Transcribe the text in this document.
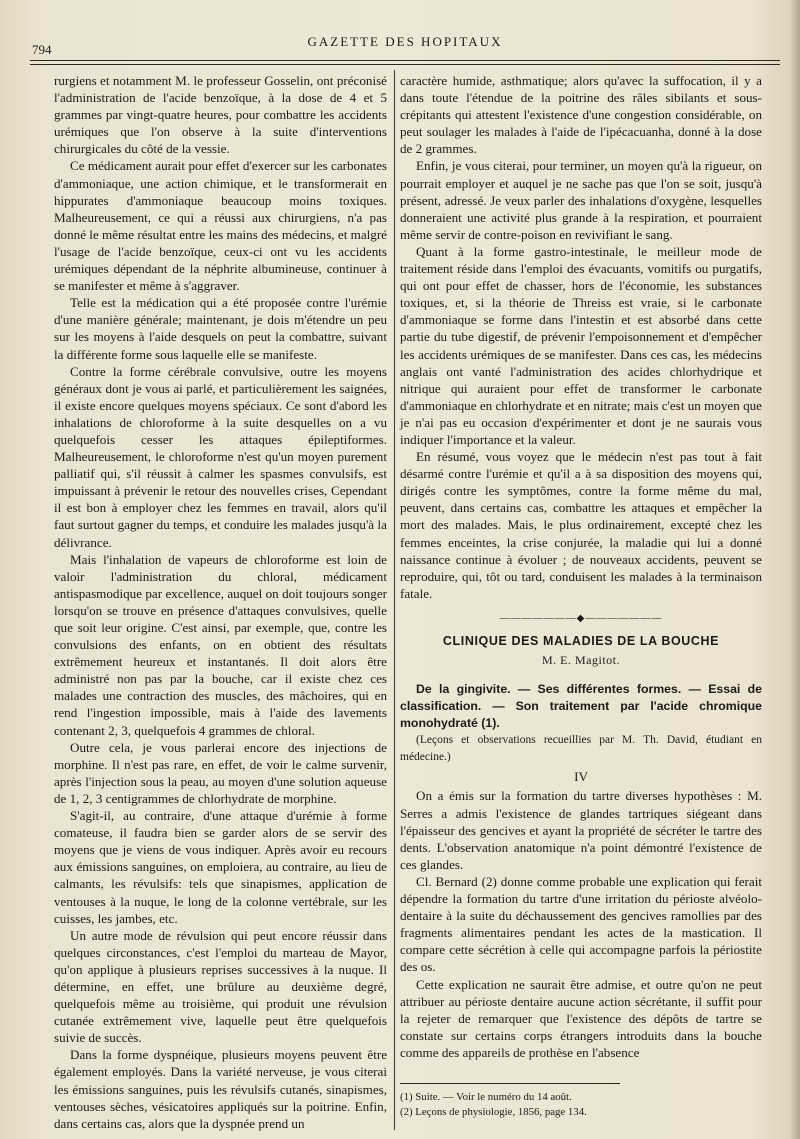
794
GAZETTE DES HOPITAUX

rurgiens et notamment M. le professeur Gosselin, ont préconisé l'administration de l'acide benzoïque, à la dose de 4 et 5 grammes par vingt-quatre heures, pour combattre les accidents urémiques que l'on observe à la suite d'interventions chirurgicales du côté de la vessie.

Ce médicament aurait pour effet d'exercer sur les carbonates d'ammoniaque, une action chimique, et le transformerait en hippurates d'ammoniaque beaucoup moins toxiques. Malheureusement, ce qui a réussi aux chirurgiens, n'a pas donné le même résultat entre les mains des médecins, et malgré l'usage de l'acide benzoïque, ceux-ci ont vu les accidents urémiques dépendant de la néphrite albumineuse, continuer à se manifester et même à s'aggraver.

Telle est la médication qui a été proposée contre l'urémie d'une manière générale; maintenant, je dois m'étendre un peu sur les moyens à l'aide desquels on peut la combattre, suivant la différente forme sous laquelle elle se manifeste.

Contre la forme cérébrale convulsive, outre les moyens généraux dont je vous ai parlé, et particulièrement les saignées, il existe encore quelques moyens spéciaux. Ce sont d'abord les inhalations de chloroforme à la suite desquelles on a vu quelquefois cesser les attaques épileptiformes. Malheureusement, le chloroforme n'est qu'un moyen purement palliatif qui, s'il réussit à calmer les spasmes convulsifs, est impuissant à prévenir le retour des nouvelles crises, Cependant il est bon à employer chez les femmes en travail, alors qu'il faut surtout gagner du temps, et conduire les malades jusqu'à la délivrance.

Mais l'inhalation de vapeurs de chloroforme est loin de valoir l'administration du chloral, médicament antispasmodique par excellence, auquel on doit toujours songer lorsqu'on se trouve en présence d'attaques convulsives, quelle que soit leur origine. C'est ainsi, par exemple, que, contre les convulsions des enfants, on en obtient des résultats extrêmement heureux et instantanés. Il doit alors être administré non pas par la bouche, car il existe chez ces malades une contraction des muscles, des mâchoires, qui en rend l'ingestion impossible, mais à l'aide des lavements contenant 2, 3, quelquefois 4 grammes de chloral.

Outre cela, je vous parlerai encore des injections de morphine. Il n'est pas rare, en effet, de voir le calme survenir, après l'injection sous la peau, au moyen d'une solution aqueuse de 1, 2, 3 centigrammes de chlorhydrate de morphine.

S'agit-il, au contraire, d'une attaque d'urémie à forme comateuse, il faudra bien se garder alors de se servir des moyens que je viens de vous indiquer. Après avoir eu recours aux émissions sanguines, on emploiera, au contraire, au lieu de calmants, les révulsifs: tels que sinapismes, application de ventouses à la nuque, le long de la colonne vertébrale, sur les cuisses, les jambes, etc.

Un autre mode de révulsion qui peut encore réussir dans quelques circonstances, c'est l'emploi du marteau de Mayor, qu'on applique à plusieurs reprises successives à la nuque. Il détermine, en effet, une brûlure au deuxième degré, quelquefois même au troisième, qui produit une révulsion cutanée extrêmement vive, laquelle peut être quelquefois suivie de succès.

Dans la forme dyspnéique, plusieurs moyens peuvent être également employés. Dans la variété nerveuse, je vous citerai les émissions sanguines, puis les révulsifs cutanés, sinapismes, ventouses sèches, vésicatoires appliqués sur la poitrine. Enfin, dans certains cas, alors que la dyspnée prend un

caractère humide, asthmatique; alors qu'avec la suffocation, il y a dans toute l'étendue de la poitrine des râles sibilants et sous-crépitants qui attestent l'existence d'une congestion considérable, on peut soulager les malades à l'aide de l'ipécacuanha, donné à la dose de 2 grammes.

Enfin, je vous citerai, pour terminer, un moyen qu'à la rigueur, on pourrait employer et auquel je ne sache pas que l'on se soit, jusqu'à présent, adressé. Je veux parler des inhalations d'oxygène, lesquelles donneraient une activité plus grande à la respiration, et pourraient même servir de contre-poison en revivifiant le sang.

Quant à la forme gastro-intestinale, le meilleur mode de traitement réside dans l'emploi des évacuants, vomitifs ou purgatifs, qui ont pour effet de chasser, hors de l'économie, les substances toxiques, et, si la théorie de Threiss est vraie, si le carbonate d'ammoniaque se forme dans l'intestin et est absorbé dans cette partie du tube digestif, de prévenir l'empoisonnement et d'empêcher les accidents urémiques de se manifester. Dans ces cas, les médecins anglais ont vanté l'administration des acides chlorhydrique et nitrique qui auraient pour effet de transformer le carbonate d'ammoniaque en chlorhydrate et en nitrate; mais c'est un moyen que je n'ai pas eu occasion d'expérimenter et dont je ne saurais vous indiquer l'importance et la valeur.

En résumé, vous voyez que le médecin n'est pas tout à fait désarmé contre l'urémie et qu'il a à sa disposition des moyens qui, dirigés contre les symptômes, contre la forme même du mal, peuvent, dans certains cas, combattre les attaques et empêcher la mort des malades. Mais, le plus ordinairement, excepté chez les femmes enceintes, la crise conjurée, la maladie qui lui a donné naissance continue à évoluer ; de nouveaux accidents, peuvent se reproduire, qui, tôt ou tard, conduisent les malades à la terminaison fatale.

———————◆———————
CLINIQUE DES MALADIES DE LA BOUCHE
M. E. Magitot.

De la gingivite. — Ses différentes formes. — Essai de classification. — Son traitement par l'acide chromique monohydraté (1).

(Leçons et observations recueillies par M. Th. David, étudiant en médecine.)

IV

On a émis sur la formation du tartre diverses hypothèses : M. Serres a admis l'existence de glandes tartriques siégeant dans l'épaisseur des gencives et ayant la propriété de sécréter le tartre des dents. L'observation anatomique n'a point démontré l'existence de ces glandes.

Cl. Bernard (2) donne comme probable une explication qui ferait dépendre la formation du tartre d'une irritation du périoste alvéolo-dentaire à la suite du déchaussement des gencives ramollies par des fragments alimentaires pendant les actes de la mastication. Il compare cette sécrétion à celle qui accompagne parfois la périostite des os.

Cette explication ne saurait être admise, et outre qu'on ne peut attribuer au périoste dentaire aucune action sécrétante, il suffit pour la rejeter de remarquer que l'existence des dépôts de tartre se constate sur certains corps étrangers introduits dans la bouche comme des appareils de prothèse en l'absence

(1) Suite. — Voir le numéro du 14 août.
(2) Leçons de physiologie, 1856, page 134.
